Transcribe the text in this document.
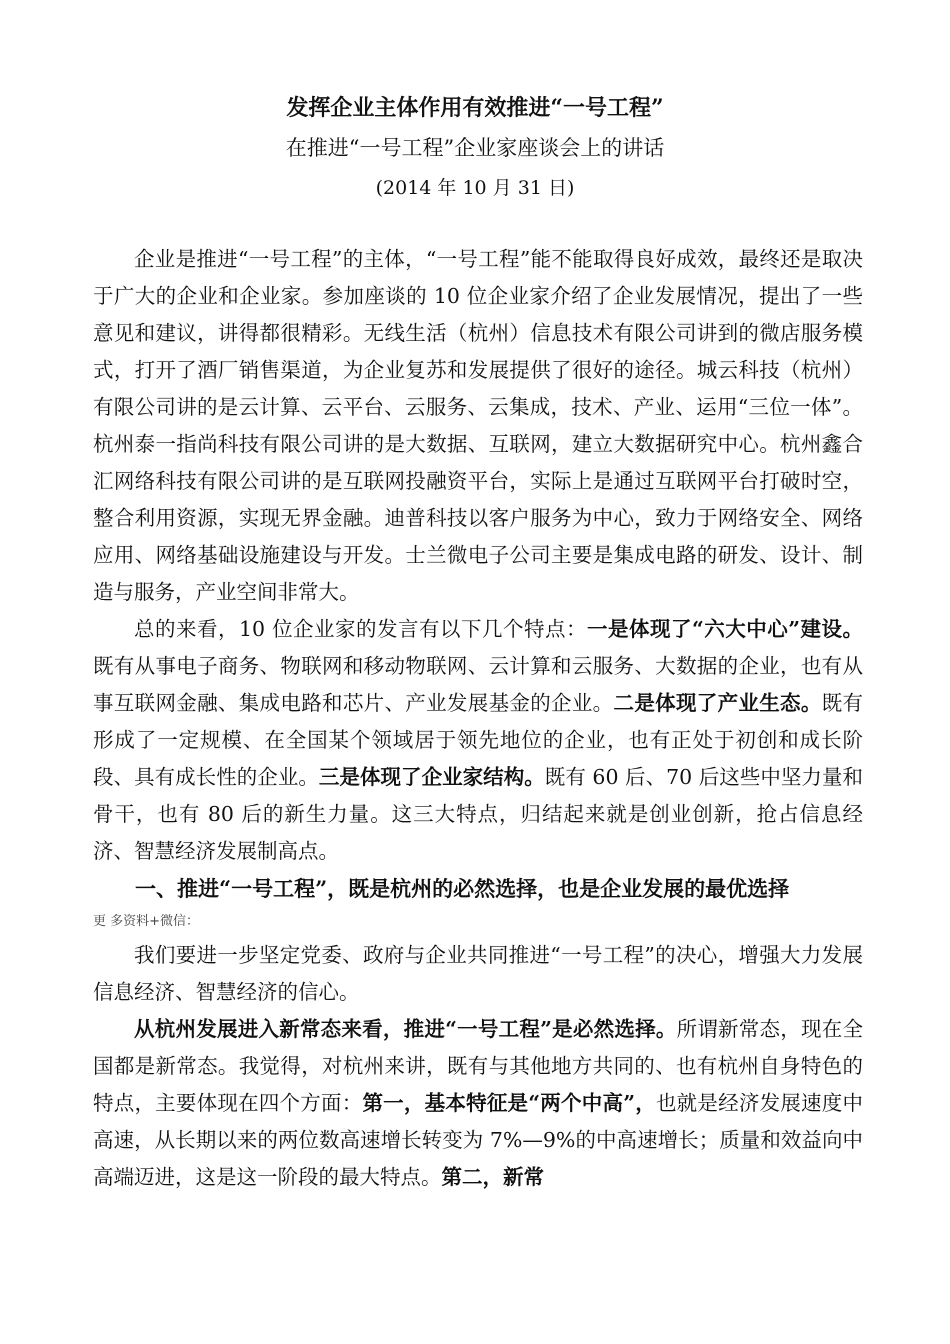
发挥企业主体作用有效推进“一号工程”
在推进“一号工程”企业家座谈会上的讲话
(2014 年 10 月 31 日)

企业是推进“一号工程”的主体，“一号工程”能不能取得良好成效，最终还是取决于广大的企业和企业家。参加座谈的 10 位企业家介绍了企业发展情况，提出了一些意见和建议，讲得都很精彩。无线生活（杭州）信息技术有限公司讲到的微店服务模式，打开了酒厂销售渠道，为企业复苏和发展提供了很好的途径。城云科技（杭州）有限公司讲的是云计算、云平台、云服务、云集成，技术、产业、运用“三位一体”。杭州泰一指尚科技有限公司讲的是大数据、互联网，建立大数据研究中心。杭州鑫合汇网络科技有限公司讲的是互联网投融资平台，实际上是通过互联网平台打破时空，整合利用资源，实现无界金融。迪普科技以客户服务为中心，致力于网络安全、网络应用、网络基础设施建设与开发。士兰微电子公司主要是集成电路的研发、设计、制造与服务，产业空间非常大。

总的来看，10 位企业家的发言有以下几个特点：一是体现了“六大中心”建设。既有从事电子商务、物联网和移动物联网、云计算和云服务、大数据的企业，也有从事互联网金融、集成电路和芯片、产业发展基金的企业。二是体现了产业生态。既有形成了一定规模、在全国某个领域居于领先地位的企业，也有正处于初创和成长阶段、具有成长性的企业。三是体现了企业家结构。既有 60 后、70 后这些中坚力量和骨干，也有 80 后的新生力量。这三大特点，归结起来就是创业创新，抢占信息经济、智慧经济发展制高点。

一、推进“一号工程”，既是杭州的必然选择，也是企业发展的最优选择

更 多资料+微信：

我们要进一步坚定党委、政府与企业共同推进“一号工程”的决心，增强大力发展信息经济、智慧经济的信心。

从杭州发展进入新常态来看，推进“一号工程”是必然选择。所谓新常态，现在全国都是新常态。我觉得，对杭州来讲，既有与其他地方共同的、也有杭州自身特色的特点，主要体现在四个方面：第一，基本特征是“两个中高”，也就是经济发展速度中高速，从长期以来的两位数高速增长转变为 7%—9%的中高速增长；质量和效益向中高端迈进，这是这一阶段的最大特点。第二，新常
